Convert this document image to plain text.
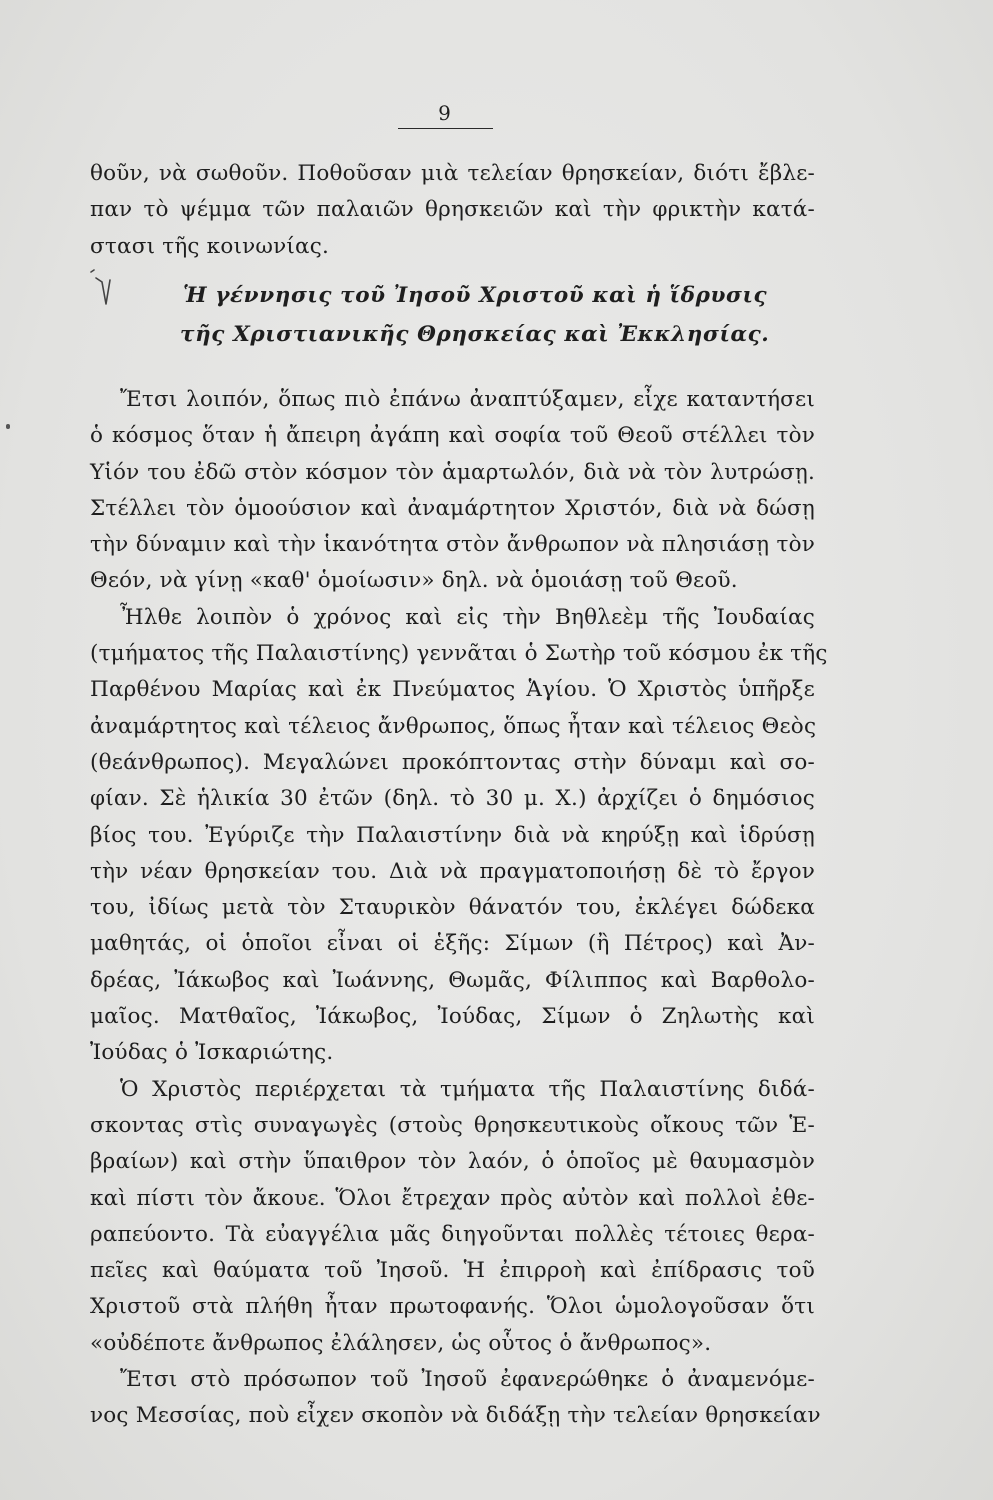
9
θοῦν, νὰ σωθοῦν. Ποθοῦσαν μιὰ τελείαν θρησκείαν, διότι ἔβλε-
παν τὸ ψέμμα τῶν παλαιῶν θρησκειῶν καὶ τὴν φρικτὴν κατά-
στασι τῆς κοινωνίας.
Ἡ γέννησις τοῦ Ἰησοῦ Χριστοῦ καὶ ἡ ἵδρυσις
τῆς Χριστιανικῆς Θρησκείας καὶ Ἐκκλησίας.
Ἔτσι λοιπόν, ὅπως πιὸ ἐπάνω ἀναπτύξαμεν, εἶχε καταντήσει
ὁ κόσμος ὅταν ἡ ἄπειρη ἀγάπη καὶ σοφία τοῦ Θεοῦ στέλλει τὸν
Υἱόν του ἐδῶ στὸν κόσμον τὸν ἁμαρτωλόν, διὰ νὰ τὸν λυτρώσῃ.
Στέλλει τὸν ὁμοούσιον καὶ ἀναμάρτητον Χριστόν, διὰ νὰ δώσῃ
τὴν δύναμιν καὶ τὴν ἱκανότητα στὸν ἄνθρωπον νὰ πλησιάσῃ τὸν
Θεόν, νὰ γίνῃ «καθ' ὁμοίωσιν» δηλ. νὰ ὁμοιάσῃ τοῦ Θεοῦ.
Ἦλθε λοιπὸν ὁ χρόνος καὶ εἰς τὴν Βηθλεὲμ τῆς Ἰουδαίας
(τμήματος τῆς Παλαιστίνης) γεννᾶται ὁ Σωτὴρ τοῦ κόσμου ἐκ τῆς
Παρθένου Μαρίας καὶ ἐκ Πνεύματος Ἁγίου. Ὁ Χριστὸς ὑπῆρξε
ἀναμάρτητος καὶ τέλειος ἄνθρωπος, ὅπως ἦταν καὶ τέλειος Θεὸς
(θεάνθρωπος). Μεγαλώνει προκόπτοντας στὴν δύναμι καὶ σο-
φίαν. Σὲ ἡλικία 30 ἐτῶν (δηλ. τὸ 30 μ. Χ.) ἀρχίζει ὁ δημόσιος
βίος του. Ἐγύριζε τὴν Παλαιστίνην διὰ νὰ κηρύξῃ καὶ ἱδρύσῃ
τὴν νέαν θρησκείαν του. Διὰ νὰ πραγματοποιήσῃ δὲ τὸ ἔργον
του, ἰδίως μετὰ τὸν Σταυρικὸν θάνατόν του, ἐκλέγει δώδεκα
μαθητάς, οἱ ὁποῖοι εἶναι οἱ ἑξῆς: Σίμων (ἢ Πέτρος) καὶ Ἀν-
δρέας, Ἰάκωβος καὶ Ἰωάννης, Θωμᾶς, Φίλιππος καὶ Βαρθολο-
μαῖος. Ματθαῖος, Ἰάκωβος, Ἰούδας, Σίμων ὁ Ζηλωτὴς καὶ
Ἰούδας ὁ Ἰσκαριώτης.
Ὁ Χριστὸς περιέρχεται τὰ τμήματα τῆς Παλαιστίνης διδά-
σκοντας στὶς συναγωγὲς (στοὺς θρησκευτικοὺς οἴκους τῶν Ἑ-
βραίων) καὶ στὴν ὕπαιθρον τὸν λαόν, ὁ ὁποῖος μὲ θαυμασμὸν
καὶ πίστι τὸν ἄκουε. Ὅλοι ἔτρεχαν πρὸς αὐτὸν καὶ πολλοὶ ἐθε-
ραπεύοντο. Τὰ εὐαγγέλια μᾶς διηγοῦνται πολλὲς τέτοιες θερα-
πεῖες καὶ θαύματα τοῦ Ἰησοῦ. Ἡ ἐπιρροὴ καὶ ἐπίδρασις τοῦ
Χριστοῦ στὰ πλήθη ἦταν πρωτοφανής. Ὅλοι ὡμολογοῦσαν ὅτι
«οὐδέποτε ἄνθρωπος ἐλάλησεν, ὡς οὗτος ὁ ἄνθρωπος».
Ἔτσι στὸ πρόσωπον τοῦ Ἰησοῦ ἐφανερώθηκε ὁ ἀναμενόμε-
νος Μεσσίας, ποὺ εἶχεν σκοπὸν νὰ διδάξῃ τὴν τελείαν θρησκείαν
